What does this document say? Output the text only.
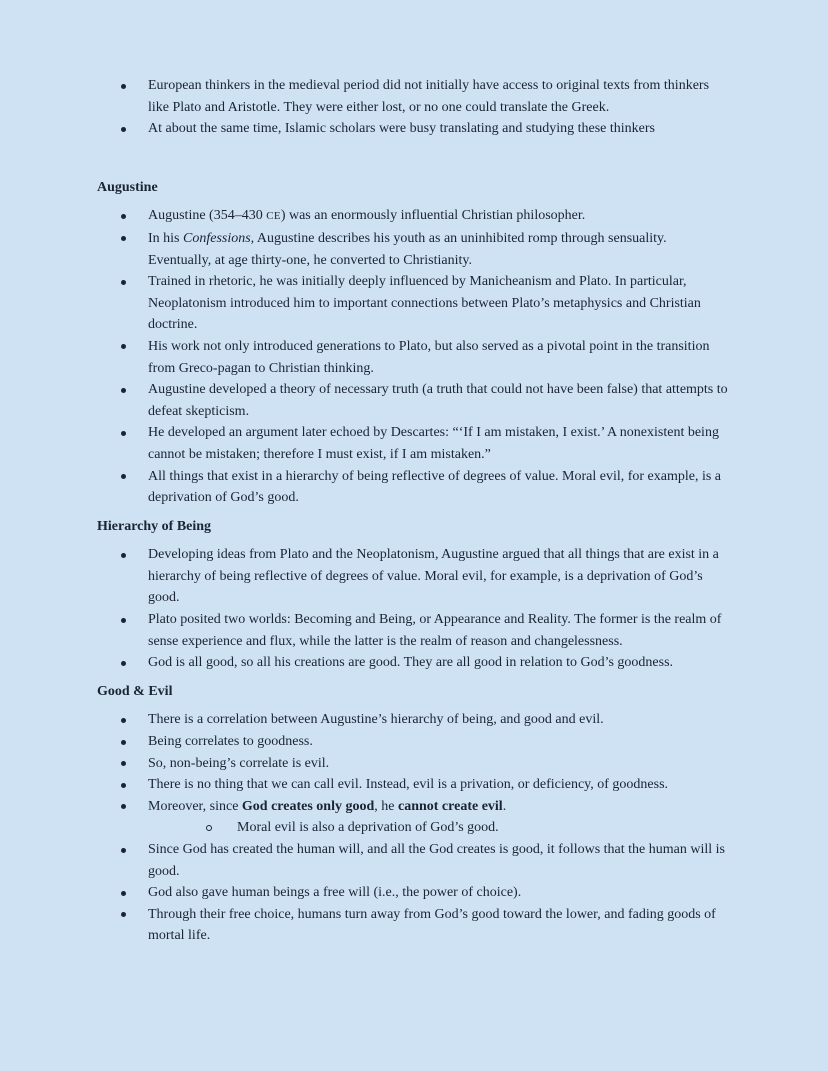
European thinkers in the medieval period did not initially have access to original texts from thinkers like Plato and Aristotle. They were either lost, or no one could translate the Greek.
At about the same time, Islamic scholars were busy translating and studying these thinkers
Augustine
Augustine (354–430 CE) was an enormously influential Christian philosopher.
In his Confessions, Augustine describes his youth as an uninhibited romp through sensuality. Eventually, at age thirty-one, he converted to Christianity.
Trained in rhetoric, he was initially deeply influenced by Manicheanism and Plato. In particular, Neoplatonism introduced him to important connections between Plato’s metaphysics and Christian doctrine.
His work not only introduced generations to Plato, but also served as a pivotal point in the transition from Greco-pagan to Christian thinking.
Augustine developed a theory of necessary truth (a truth that could not have been false) that attempts to defeat skepticism.
He developed an argument later echoed by Descartes: “‘If I am mistaken, I exist.’ A nonexistent being cannot be mistaken; therefore I must exist, if I am mistaken.”
All things that exist in a hierarchy of being reflective of degrees of value. Moral evil, for example, is a deprivation of God’s good.
Hierarchy of Being
Developing ideas from Plato and the Neoplatonism, Augustine argued that all things that are exist in a hierarchy of being reflective of degrees of value. Moral evil, for example, is a deprivation of God’s good.
Plato posited two worlds: Becoming and Being, or Appearance and Reality. The former is the realm of sense experience and flux, while the latter is the realm of reason and changelessness.
God is all good, so all his creations are good. They are all good in relation to God’s goodness.
Good & Evil
There is a correlation between Augustine’s hierarchy of being, and good and evil.
Being correlates to goodness.
So, non-being’s correlate is evil.
There is no thing that we can call evil. Instead, evil is a privation, or deficiency, of goodness.
Moreover, since God creates only good, he cannot create evil.
Moral evil is also a deprivation of God’s good.
Since God has created the human will, and all the God creates is good, it follows that the human will is good.
God also gave human beings a free will (i.e., the power of choice).
Through their free choice, humans turn away from God’s good toward the lower, and fading goods of mortal life.
